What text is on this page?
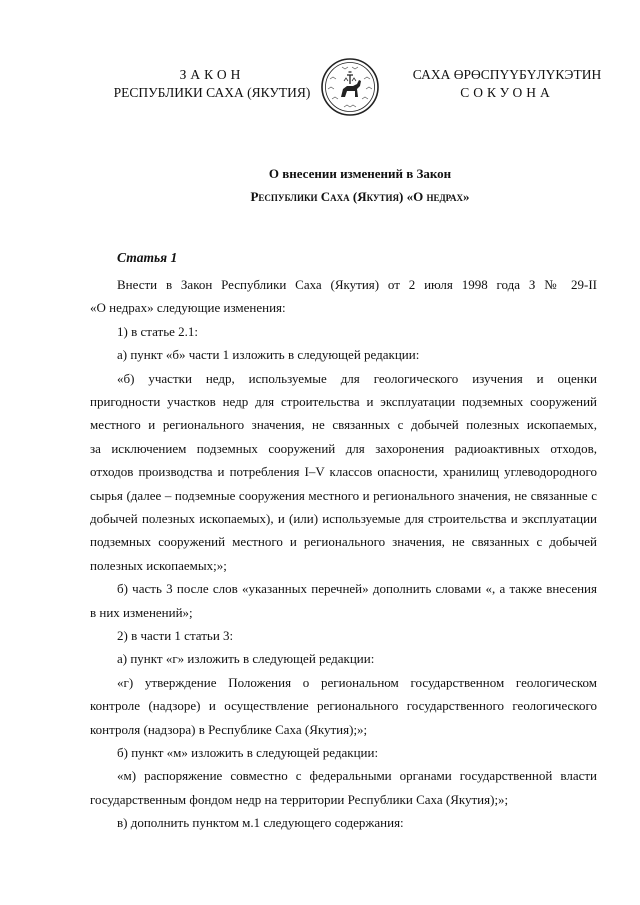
ЗАКОН
РЕСПУБЛИКИ САХА (ЯКУТИЯ)
САХА ӨРӨСПҮҮБҮЛҮКЭТИН
СОКУОНА
О внесении изменений в Закон
Республики Саха (Якутия) «О недрах»
Статья 1
Внести в Закон Республики Саха (Якутия) от 2 июля 1998 года З № 29-II
«О недрах» следующие изменения:
1) в статье 2.1:
а) пункт «б» части 1 изложить в следующей редакции:
«б) участки недр, используемые для геологического изучения и оценки
пригодности участков недр для строительства и эксплуатации подземных сооружений
местного и регионального значения, не связанных с добычей полезных ископаемых,
за исключением подземных сооружений для захоронения радиоактивных отходов,
отходов производства и потребления I–V классов опасности, хранилищ углеводородного
сырья (далее – подземные сооружения местного и регионального значения, не связанные с
добычей полезных ископаемых), и (или) используемые для строительства и эксплуатации
подземных сооружений местного и регионального значения, не связанных с добычей
полезных ископаемых;»;
б) часть 3 после слов «указанных перечней» дополнить словами «, а также внесения
в них изменений»;
2) в части 1 статьи 3:
а) пункт «г» изложить в следующей редакции:
«г) утверждение Положения о региональном государственном геологическом
контроле (надзоре) и осуществление регионального государственного геологического
контроля (надзора) в Республике Саха (Якутия);»;
б) пункт «м» изложить в следующей редакции:
«м) распоряжение совместно с федеральными органами государственной власти
государственным фондом недр на территории Республики Саха (Якутия);»;
в) дополнить пунктом м.1 следующего содержания:
